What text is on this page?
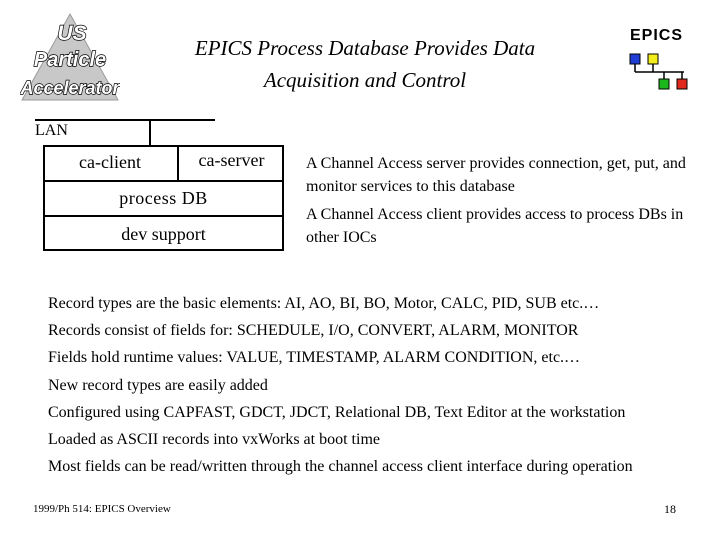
US
Particle
Accelerator
EPICS Process Database Provides Data
Acquisition and Control
EPICS
LAN
ca-client	ca-server
process DB
dev support
A Channel Access server provides connection, get, put, and monitor services to this database
A Channel Access client provides access to process DBs in other IOCs
Record types are the basic elements: AI, AO, BI, BO, Motor, CALC, PID, SUB etc.…
Records consist of fields for: SCHEDULE, I/O, CONVERT, ALARM, MONITOR
Fields hold runtime values: VALUE, TIMESTAMP, ALARM CONDITION, etc.…
New record types are easily added
Configured using CAPFAST, GDCT, JDCT, Relational DB, Text Editor at the workstation
Loaded as ASCII records into vxWorks at boot time
Most fields can be read/written through the channel access client interface during operation
1999/Ph 514: EPICS Overview	18
